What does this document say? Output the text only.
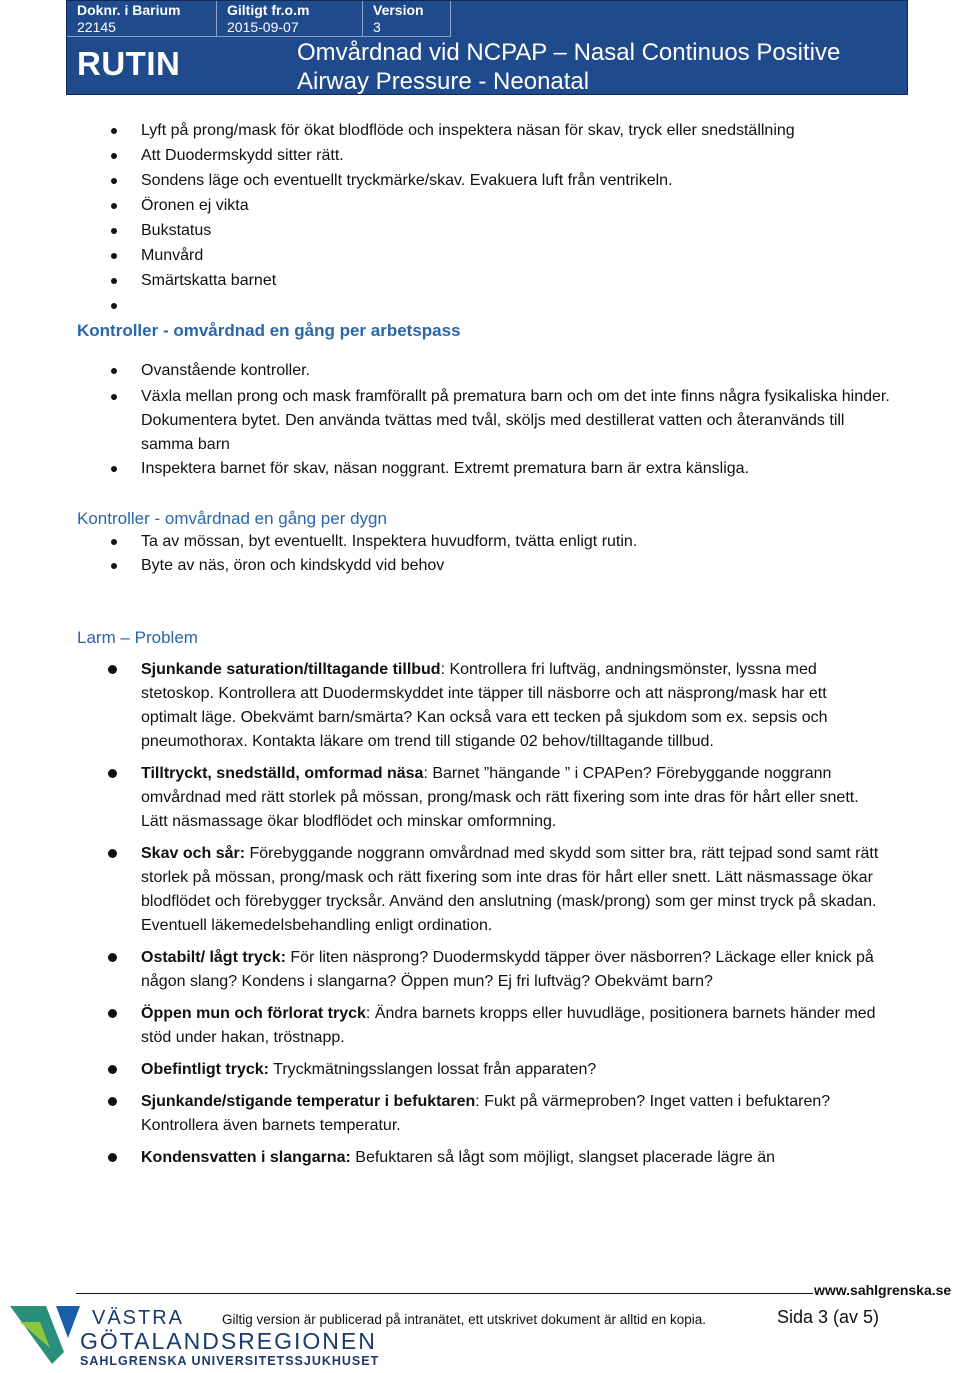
Doknr. i Barium
22145
Giltigt fr.o.m
2015-09-07
Version
3
RUTIN	Omvårdnad vid NCPAP – Nasal Continuos Positive Airway Pressure - Neonatal
Lyft på prong/mask för ökat blodflöde och inspektera näsan för skav, tryck eller snedställning
Att Duodermskydd sitter rätt.
Sondens läge och eventuellt tryckmärke/skav. Evakuera luft från ventrikeln.
Öronen ej vikta
Bukstatus
Munvård
Smärtskatta barnet
Kontroller - omvårdnad en gång per arbetspass
Ovanstående kontroller.
Växla mellan prong och mask framförallt på prematura barn och om det inte finns några fysikaliska hinder. Dokumentera bytet. Den använda tvättas med tvål, sköljs med destillerat vatten och återanvänds till samma barn
Inspektera barnet för skav, näsan noggrant. Extremt prematura barn är extra känsliga.
Kontroller - omvårdnad en gång per dygn
Ta av mössan, byt eventuellt. Inspektera huvudform, tvätta enligt rutin.
Byte av näs, öron och kindskydd vid behov
Larm – Problem
Sjunkande saturation/tilltagande tillbud: Kontrollera fri luftväg, andningsmönster, lyssna med stetoskop. Kontrollera att Duodermskyddet inte täpper till näsborre och att näsprong/mask har ett optimalt läge. Obekvämt barn/smärta? Kan också vara ett tecken på sjukdom som ex. sepsis och pneumothorax. Kontakta läkare om trend till stigande 02 behov/tilltagande tillbud.
Tilltryckt, snedställd, omformad näsa: Barnet ”hängande ” i CPAPen? Förebyggande noggrann omvårdnad med rätt storlek på mössan, prong/mask och rätt fixering som inte dras för hårt eller snett. Lätt näsmassage ökar blodflödet och minskar omformning.
Skav och sår: Förebyggande noggrann omvårdnad med skydd som sitter bra, rätt tejpad sond samt rätt storlek på mössan, prong/mask och rätt fixering som inte dras för hårt eller snett. Lätt näsmassage ökar blodflödet och förebygger trycksår. Använd den anslutning (mask/prong) som ger minst tryck på skadan. Eventuell läkemedelsbehandling enligt ordination.
Ostabilt/ lågt tryck: För liten näsprong? Duodermskydd täpper över näsborren? Läckage eller knick på någon slang? Kondens i slangarna? Öppen mun? Ej fri luftväg? Obekvämt barn?
Öppen mun och förlorat tryck: Ändra barnets kropps eller huvudläge, positionera barnets händer med stöd under hakan, tröstnapp.
Obefintligt tryck: Tryckmätningsslangen lossat från apparaten?
Sjunkande/stigande temperatur i befuktaren: Fukt på värmeproben? Inget vatten i befuktaren? Kontrollera även barnets temperatur.
Kondensvatten i slangarna: Befuktaren så lågt som möjligt, slangset placerade lägre än
www.sahlgrenska.se
VÄSTRA
GÖTALANDSREGIONEN
SAHLGRENSKA UNIVERSITETSSJUKHUSET
Giltig version är publicerad på intranätet, ett utskrivet dokument är alltid en kopia.	Sida 3 (av 5)
